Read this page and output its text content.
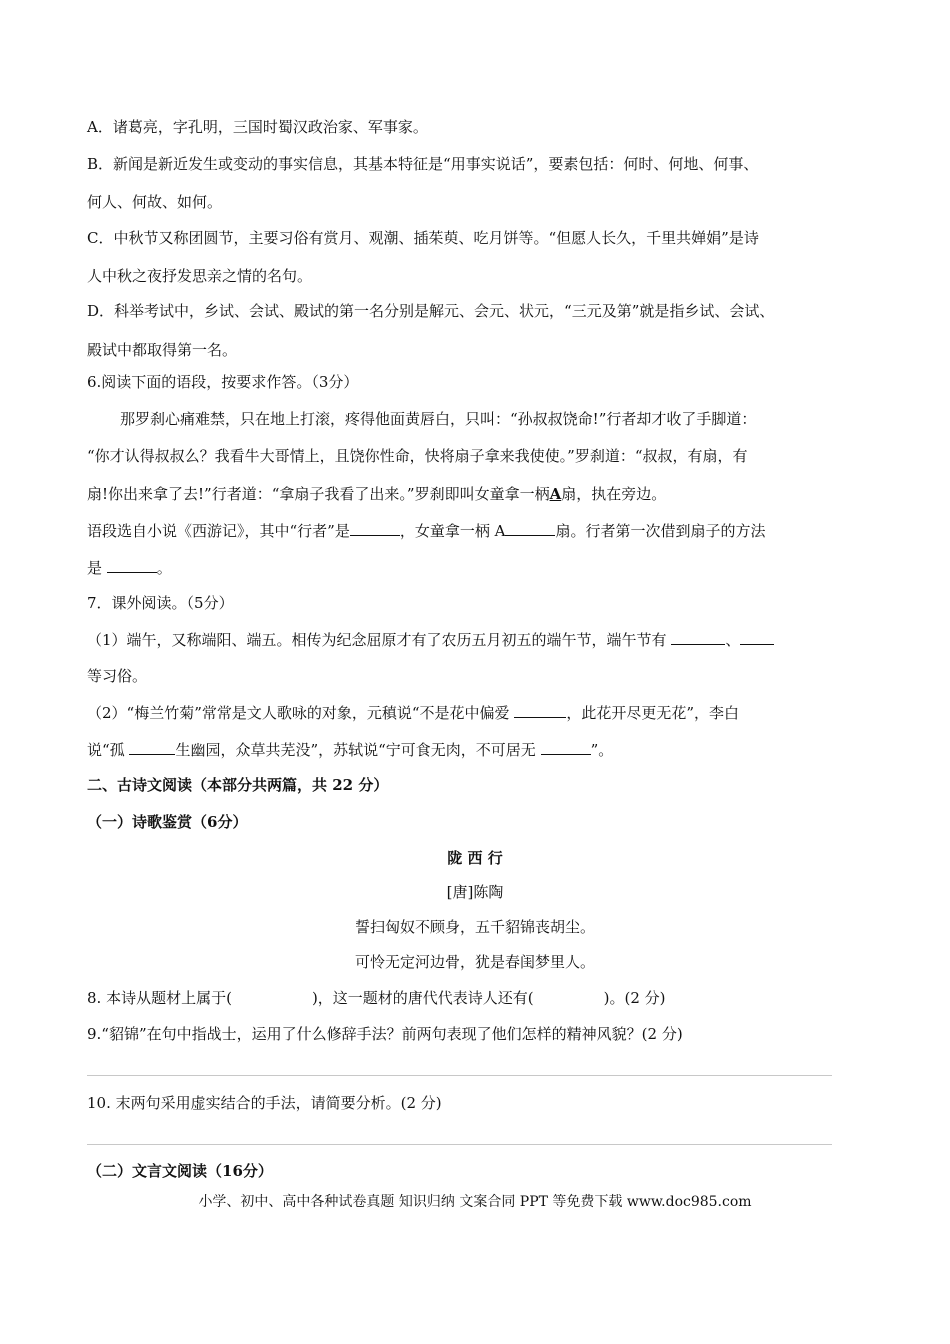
A．诸葛亮，字孔明，三国时蜀汉政治家、军事家。
B．新闻是新近发生或变动的事实信息，其基本特征是“用事实说话”，要素包括：何时、何地、何事、
何人、何故、如何。
C．中秋节又称团圆节，主要习俗有赏月、观潮、插茱萸、吃月饼等。“但愿人长久，千里共婵娟”是诗
人中秋之夜抒发思亲之情的名句。
D．科举考试中，乡试、会试、殿试的第一名分别是解元、会元、状元，“三元及第”就是指乡试、会试、
殿试中都取得第一名。
6.阅读下面的语段，按要求作答。（3分）
那罗刹心痛难禁，只在地上打滚，疼得他面黄唇白，只叫：“孙叔叔饶命!”行者却才收了手脚道：
“你才认得叔叔么？我看牛大哥情上，且饶你性命，快将扇子拿来我使使。”罗刹道：“叔叔，有扇，有
扇!你出来拿了去!”行者道：“拿扇子我看了出来。”罗刹即叫女童拿一柄A扇，执在旁边。
语段选自小说《西游记》，其中“行者”是	，女童拿一柄 A	扇。行者第一次借到扇子的方法
是	。
7．课外阅读。（5分）
（1）端午，又称端阳、端五。相传为纪念屈原才有了农历五月初五的端午节，端午节有	、
等习俗。
（2）“梅兰竹菊”常常是文人歌咏的对象，元稹说“不是花中偏爱	，此花开尽更无花”，李白
说“孤	生幽园，众草共芜没”，苏轼说“宁可食无肉，不可居无	”。
二、古诗文阅读（本部分共两篇，共 22 分）
（一）诗歌鉴赏（6分）
陇 西 行
[唐]陈陶
誓扫匈奴不顾身，五千貂锦丧胡尘。
可怜无定河边骨，犹是春闺梦里人。
8. 本诗从题材上属于(	)，这一题材的唐代代表诗人还有(	)。(2 分)
9.“貂锦”在句中指战士，运用了什么修辞手法？前两句表现了他们怎样的精神风貌？(2 分)
10. 末两句采用虚实结合的手法，请简要分析。(2 分)
（二）文言文阅读（16分）
小学、初中、高中各种试卷真题 知识归纳 文案合同 PPT 等免费下载 www.doc985.com
